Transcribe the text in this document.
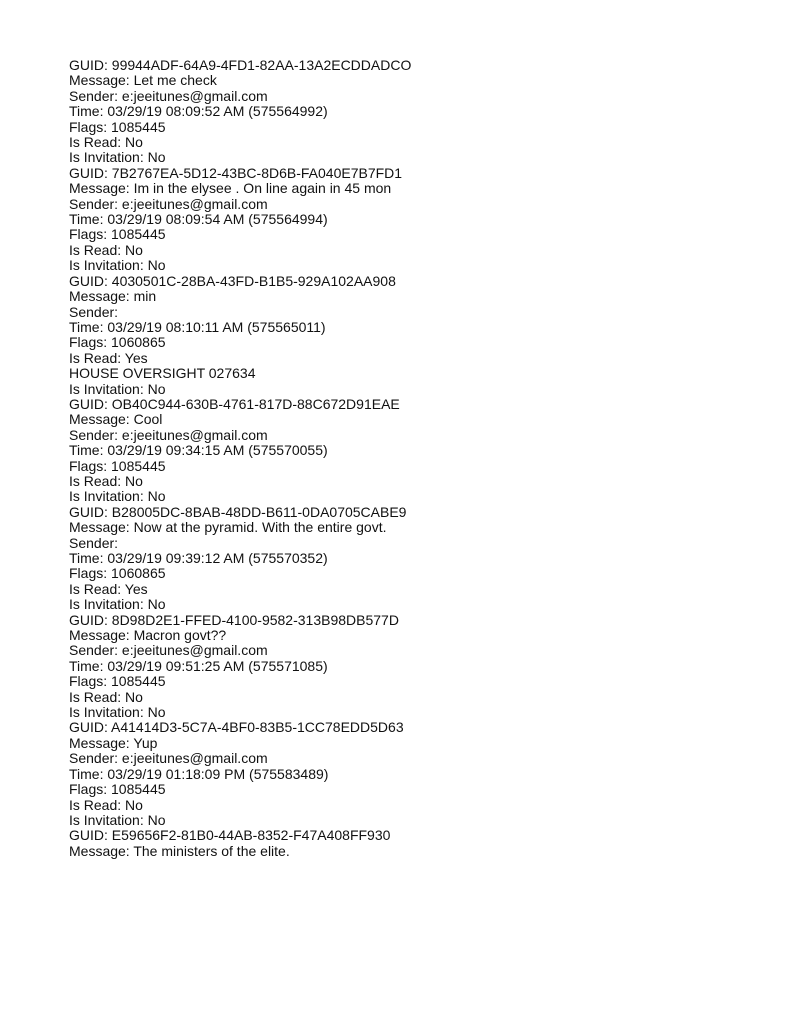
GUID: 99944ADF-64A9-4FD1-82AA-13A2ECDDADCO

Message: Let me check

Sender: e:jeeitunes@gmail.com

Time: 03/29/19 08:09:52 AM (575564992)

Flags: 1085445

Is Read: No

Is Invitation: No

GUID: 7B2767EA-5D12-43BC-8D6B-FA040E7B7FD1

Message: Im in the elysee . On line again in 45 mon

Sender: e:jeeitunes@gmail.com

Time: 03/29/19 08:09:54 AM (575564994)

Flags: 1085445

Is Read: No

Is Invitation: No

GUID: 4030501C-28BA-43FD-B1B5-929A102AA908

Message: min

Sender:

Time: 03/29/19 08:10:11 AM (575565011)

Flags: 1060865

Is Read: Yes

HOUSE OVERSIGHT 027634

Is Invitation: No

GUID: OB40C944-630B-4761-817D-88C672D91EAE

Message: Cool

Sender: e:jeeitunes@gmail.com

Time: 03/29/19 09:34:15 AM (575570055)

Flags: 1085445

Is Read: No

Is Invitation: No

GUID: B28005DC-8BAB-48DD-B611-0DA0705CABE9

Message: Now at the pyramid. With the entire govt.

Sender:

Time: 03/29/19 09:39:12 AM (575570352)

Flags: 1060865

Is Read: Yes

Is Invitation: No

GUID: 8D98D2E1-FFED-4100-9582-313B98DB577D

Message: Macron govt??

Sender: e:jeeitunes@gmail.com

Time: 03/29/19 09:51:25 AM (575571085)

Flags: 1085445

Is Read: No

Is Invitation: No

GUID: A41414D3-5C7A-4BF0-83B5-1CC78EDD5D63

Message: Yup

Sender: e:jeeitunes@gmail.com

Time: 03/29/19 01:18:09 PM (575583489)

Flags: 1085445

Is Read: No

Is Invitation: No

GUID: E59656F2-81B0-44AB-8352-F47A408FF930

Message: The ministers of the elite.
